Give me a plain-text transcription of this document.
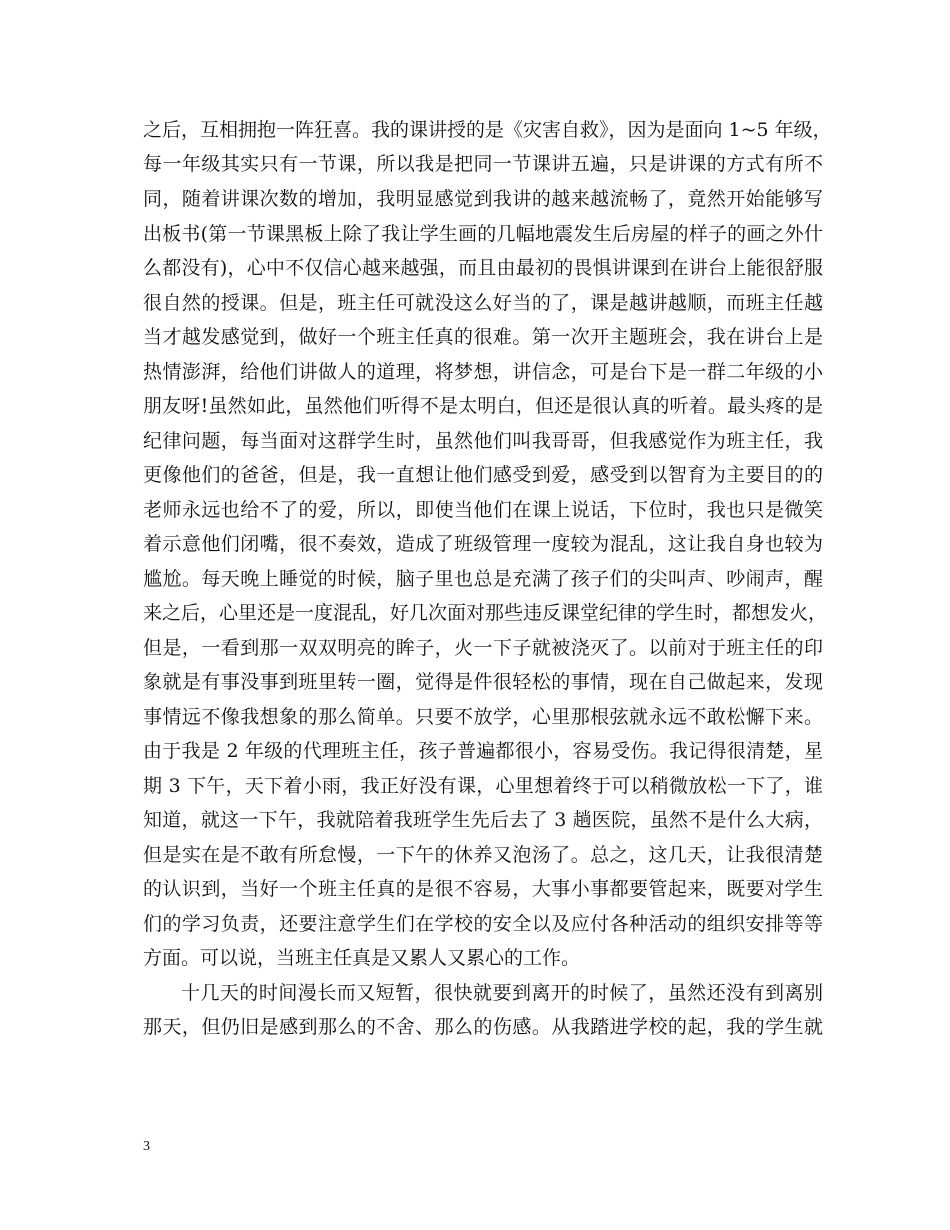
之后，互相拥抱一阵狂喜。我的课讲授的是《灾害自救》，因为是面向 1~5 年级，
每一年级其实只有一节课，所以我是把同一节课讲五遍，只是讲课的方式有所不
同，随着讲课次数的增加，我明显感觉到我讲的越来越流畅了，竟然开始能够写
出板书(第一节课黑板上除了我让学生画的几幅地震发生后房屋的样子的画之外什
么都没有)，心中不仅信心越来越强，而且由最初的畏惧讲课到在讲台上能很舒服
很自然的授课。但是，班主任可就没这么好当的了，课是越讲越顺，而班主任越
当才越发感觉到，做好一个班主任真的很难。第一次开主题班会，我在讲台上是
热情澎湃，给他们讲做人的道理，将梦想，讲信念，可是台下是一群二年级的小
朋友呀!虽然如此，虽然他们听得不是太明白，但还是很认真的听着。最头疼的是
纪律问题，每当面对这群学生时，虽然他们叫我哥哥，但我感觉作为班主任，我
更像他们的爸爸，但是，我一直想让他们感受到爱，感受到以智育为主要目的的
老师永远也给不了的爱，所以，即使当他们在课上说话，下位时，我也只是微笑
着示意他们闭嘴，很不奏效，造成了班级管理一度较为混乱，这让我自身也较为
尴尬。每天晚上睡觉的时候，脑子里也总是充满了孩子们的尖叫声、吵闹声，醒
来之后，心里还是一度混乱，好几次面对那些违反课堂纪律的学生时，都想发火，
但是，一看到那一双双明亮的眸子，火一下子就被浇灭了。以前对于班主任的印
象就是有事没事到班里转一圈，觉得是件很轻松的事情，现在自己做起来，发现
事情远不像我想象的那么简单。只要不放学，心里那根弦就永远不敢松懈下来。
由于我是 2 年级的代理班主任，孩子普遍都很小，容易受伤。我记得很清楚，星
期 3 下午，天下着小雨，我正好没有课，心里想着终于可以稍微放松一下了，谁
知道，就这一下午，我就陪着我班学生先后去了 3 趟医院，虽然不是什么大病，
但是实在是不敢有所怠慢，一下午的休养又泡汤了。总之，这几天，让我很清楚
的认识到，当好一个班主任真的是很不容易，大事小事都要管起来，既要对学生
们的学习负责，还要注意学生们在学校的安全以及应付各种活动的组织安排等等
方面。可以说，当班主任真是又累人又累心的工作。
十几天的时间漫长而又短暂，很快就要到离开的时候了，虽然还没有到离别
那天，但仍旧是感到那么的不舍、那么的伤感。从我踏进学校的起，我的学生就
3
